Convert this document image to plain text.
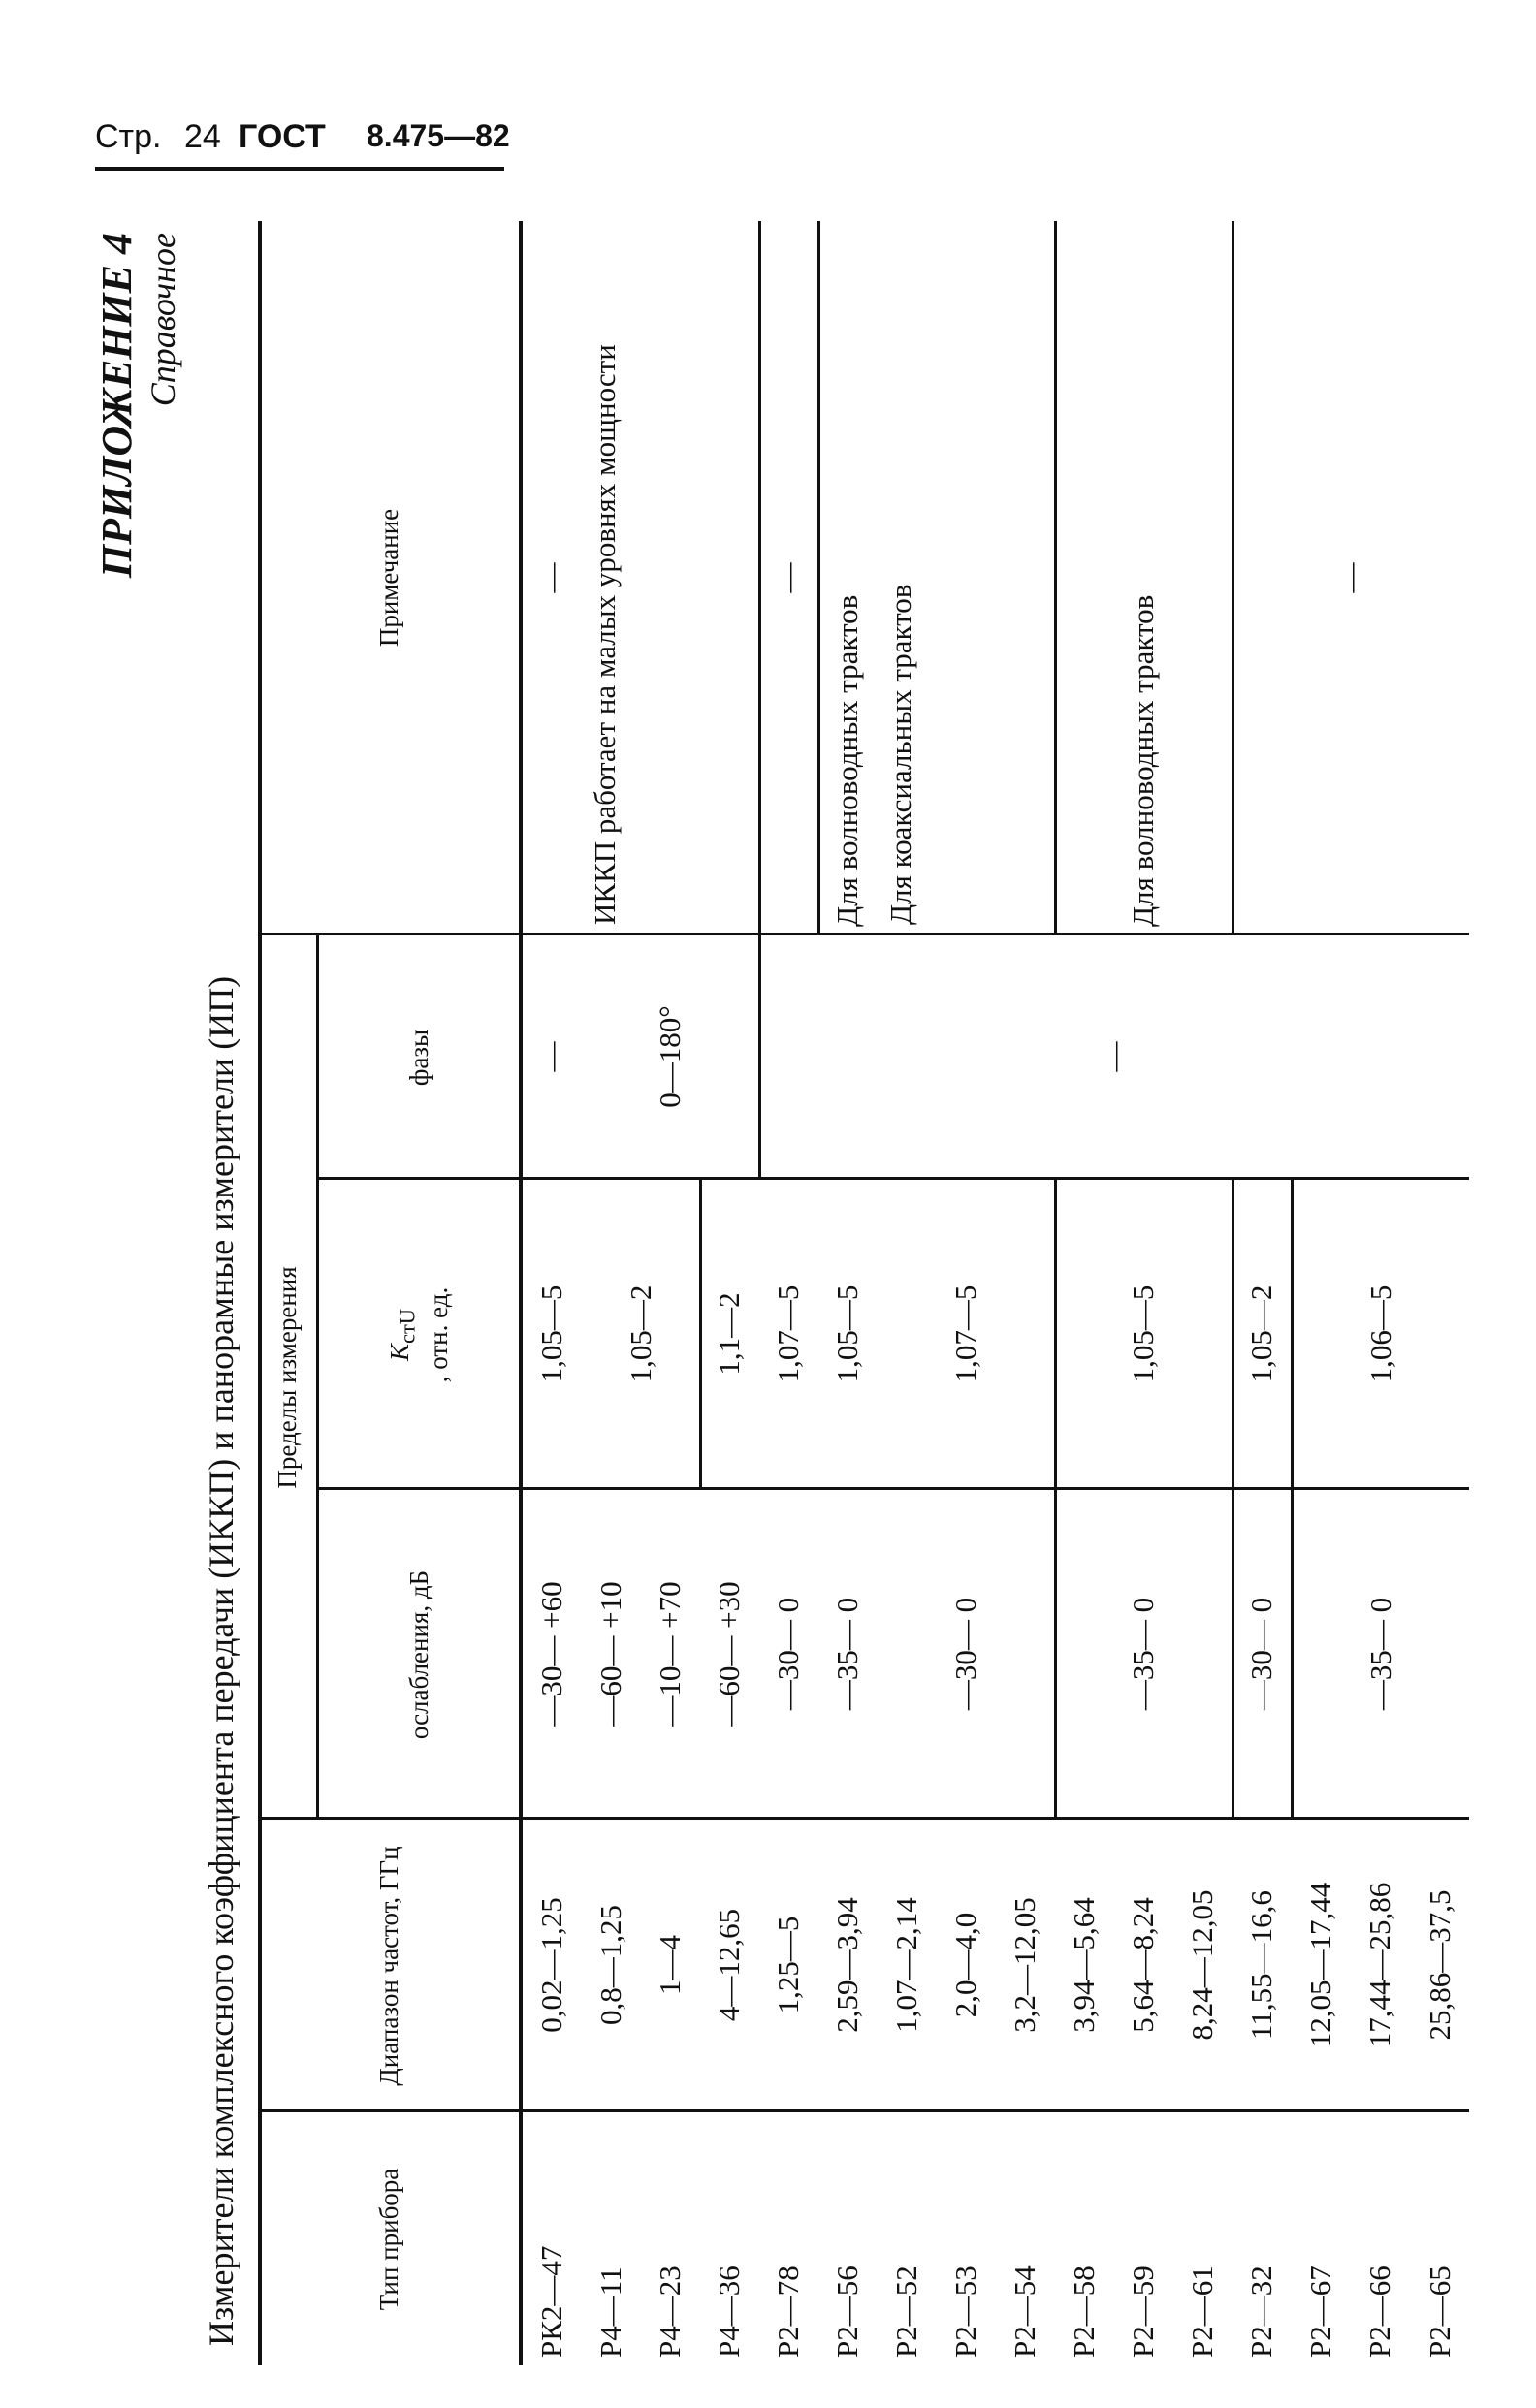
Стр. 24 ГОСТ 8.475—82
ПРИЛОЖЕНИЕ 4 Справочное
Измерители комплексного коэффициента передачи (ИККП) и панорамные измерители (ИП)	Тип прибора
Диапазон частот, ГГц
Пределы измерения
ослабления, дБ
$K_{стU}$ , отн. ед.
фазы
Примечание
РК2—47
0,02—1,25
—30— +60
1,05—5
—
—
Р4—11
0,8—1,25
—60— +10
1,05—2
0—180°
ИККП работает на малых уровнях мощности
Р4—23
1—4
—10— +70
Р4—36
4—12,65
—60— +30
1,1—2
Р2—78
1,25—5
—30— 0
1,07—5
—
—
Р2—56
2,59—3,94
—35— 0
1,05—5
Для волноводных трактов
Р2—52
1,07—2,14
—30— 0
1,07—5
Для коаксиальных трактов
Р2—53
2,0—4,0
Р2—54
3,2—12,05
Р2—58
3,94—5,64
—35— 0
1,05—5
Для волноводных трактов
Р2—59
5,64—8,24
Р2—61
8,24—12,05
Р2—32
11,55—16,6
—30— 0
1,05—2
—
Р2—67
12,05—17,44
—35— 0
1,06—5
Р2—66
17,44—25,86
Р2—65
25,86—37,5
